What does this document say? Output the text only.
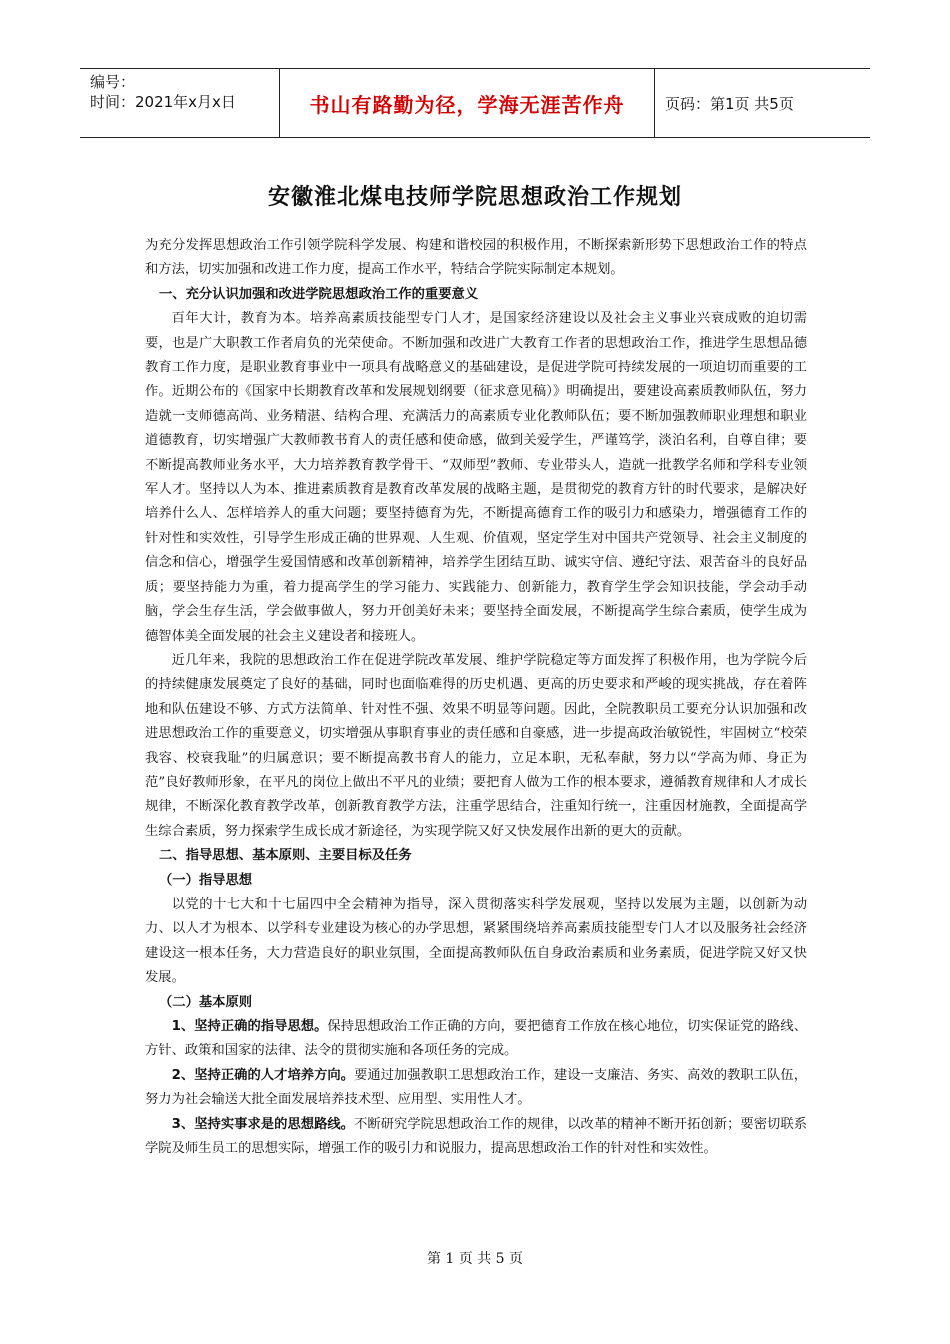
编号：
时间：2021年x月x日	书山有路勤为径，学海无涯苦作舟	页码：第1页 共5页
安徽淮北煤电技师学院思想政治工作规划

为充分发挥思想政治工作引领学院科学发展、构建和谐校园的积极作用，不断探索新形势下思想政治工作的特点和方法，切实加强和改进工作力度，提高工作水平，特结合学院实际制定本规划。

一、充分认识加强和改进学院思想政治工作的重要意义

百年大计，教育为本。培养高素质技能型专门人才，是国家经济建设以及社会主义事业兴衰成败的迫切需要，也是广大职教工作者肩负的光荣使命。不断加强和改进广大教育工作者的思想政治工作，推进学生思想品德教育工作力度，是职业教育事业中一项具有战略意义的基础建设，是促进学院可持续发展的一项迫切而重要的工作。近期公布的《国家中长期教育改革和发展规划纲要（征求意见稿）》明确提出，要建设高素质教师队伍，努力造就一支师德高尚、业务精湛、结构合理、充满活力的高素质专业化教师队伍；要不断加强教师职业理想和职业道德教育，切实增强广大教师教书育人的责任感和使命感，做到关爱学生，严谨笃学，淡泊名利，自尊自律；要不断提高教师业务水平，大力培养教育教学骨干、“双师型”教师、专业带头人，造就一批教学名师和学科专业领军人才。坚持以人为本、推进素质教育是教育改革发展的战略主题，是贯彻党的教育方针的时代要求，是解决好培养什么人、怎样培养人的重大问题；要坚持德育为先，不断提高德育工作的吸引力和感染力，增强德育工作的针对性和实效性，引导学生形成正确的世界观、人生观、价值观，坚定学生对中国共产党领导、社会主义制度的信念和信心，增强学生爱国情感和改革创新精神，培养学生团结互助、诚实守信、遵纪守法、艰苦奋斗的良好品质；要坚持能力为重，着力提高学生的学习能力、实践能力、创新能力，教育学生学会知识技能，学会动手动脑，学会生存生活，学会做事做人，努力开创美好未来；要坚持全面发展，不断提高学生综合素质，使学生成为德智体美全面发展的社会主义建设者和接班人。

近几年来，我院的思想政治工作在促进学院改革发展、维护学院稳定等方面发挥了积极作用，也为学院今后的持续健康发展奠定了良好的基础，同时也面临难得的历史机遇、更高的历史要求和严峻的现实挑战，存在着阵地和队伍建设不够、方式方法简单、针对性不强、效果不明显等问题。因此，全院教职员工要充分认识加强和改进思想政治工作的重要意义，切实增强从事职育事业的责任感和自豪感，进一步提高政治敏锐性，牢固树立“校荣我容、校衰我耻”的归属意识；要不断提高教书育人的能力，立足本职，无私奉献，努力以“学高为师、身正为范”良好教师形象，在平凡的岗位上做出不平凡的业绩；要把育人做为工作的根本要求，遵循教育规律和人才成长规律，不断深化教育教学改革，创新教育教学方法，注重学思结合，注重知行统一，注重因材施教，全面提高学生综合素质，努力探索学生成长成才新途径，为实现学院又好又快发展作出新的更大的贡献。

二、指导思想、基本原则、主要目标及任务

（一）指导思想

以党的十七大和十七届四中全会精神为指导，深入贯彻落实科学发展观，坚持以发展为主题，以创新为动力、以人才为根本、以学科专业建设为核心的办学思想，紧紧围绕培养高素质技能型专门人才以及服务社会经济建设这一根本任务，大力营造良好的职业氛围，全面提高教师队伍自身政治素质和业务素质，促进学院又好又快发展。

（二）基本原则

1、坚持正确的指导思想。保持思想政治工作正确的方向，要把德育工作放在核心地位，切实保证党的路线、方针、政策和国家的法律、法令的贯彻实施和各项任务的完成。

2、坚持正确的人才培养方向。要通过加强教职工思想政治工作，建设一支廉洁、务实、高效的教职工队伍，努力为社会输送大批全面发展培养技术型、应用型、实用性人才。

3、坚持实事求是的思想路线。不断研究学院思想政治工作的规律，以改革的精神不断开拓创新；要密切联系学院及师生员工的思想实际，增强工作的吸引力和说服力，提高思想政治工作的针对性和实效性。

第 1 页 共 5 页
